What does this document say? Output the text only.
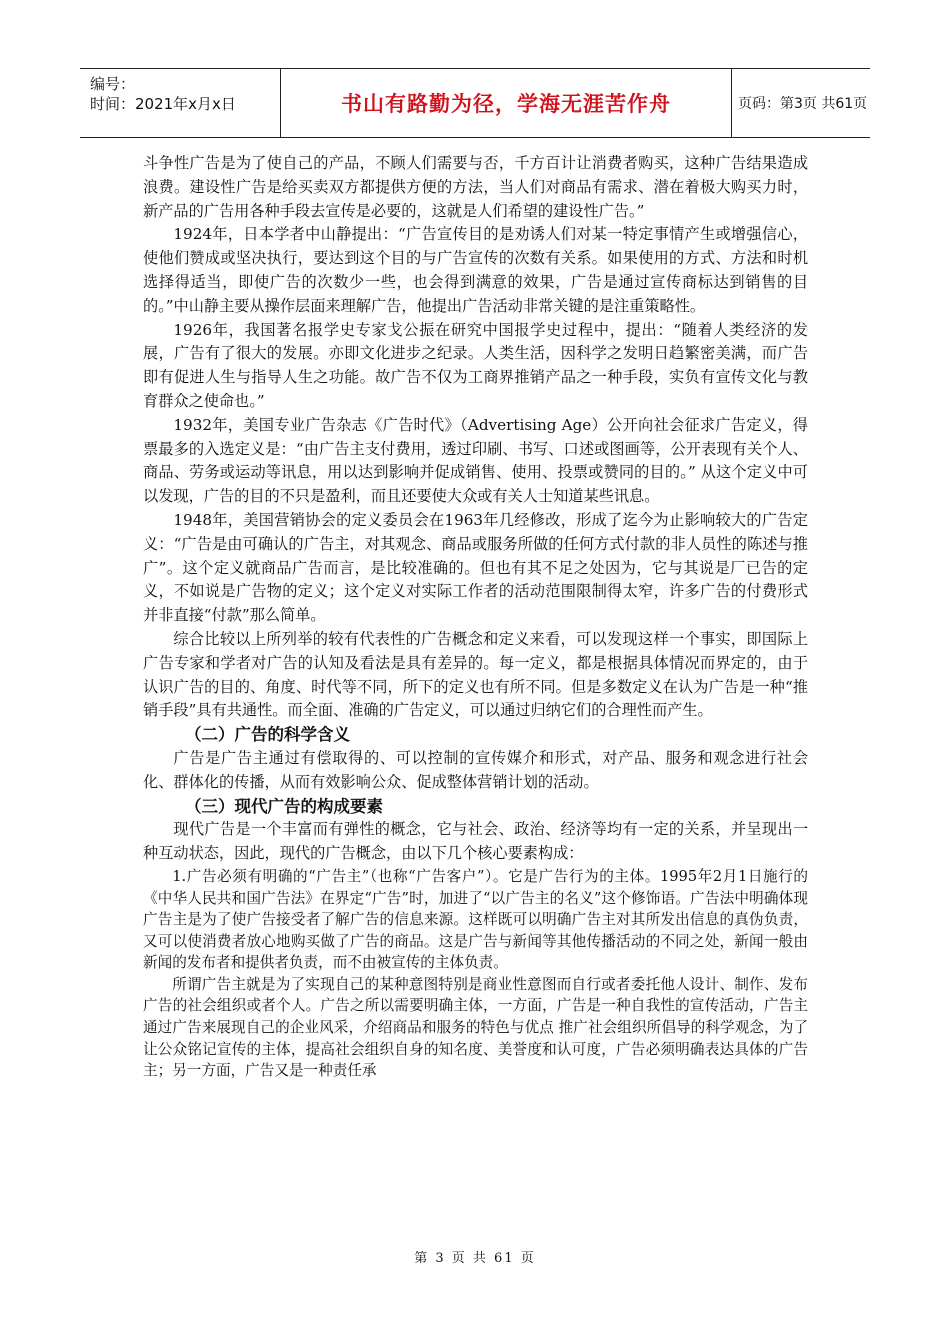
编号：
时间：2021年x月x日	书山有路勤为径，学海无涯苦作舟	页码：第3页 共61页

斗争性广告是为了使自己的产品，不顾人们需要与否，千方百计让消费者购买，这种广告结果造成浪费。建设性广告是给买卖双方都提供方便的方法，当人们对商品有需求、潜在着极大购买力时，新产品的广告用各种手段去宣传是必要的，这就是人们希望的建设性广告。”

1924年，日本学者中山静提出：“广告宣传目的是劝诱人们对某一特定事情产生或增强信心，使他们赞成或坚决执行，要达到这个目的与广告宣传的次数有关系。如果使用的方式、方法和时机选择得适当，即使广告的次数少一些，也会得到满意的效果，广告是通过宣传商标达到销售的目的。”中山静主要从操作层面来理解广告，他提出广告活动非常关键的是注重策略性。

1926年，我国著名报学史专家戈公振在研究中国报学史过程中，提出：“随着人类经济的发展，广告有了很大的发展。亦即文化进步之纪录。人类生活，因科学之发明日趋繁密美满，而广告即有促进人生与指导人生之功能。故广告不仅为工商界推销产品之一种手段，实负有宣传文化与教育群众之使命也。”

1932年，美国专业广告杂志《广告时代》（Advertising Age）公开向社会征求广告定义，得票最多的入选定义是：“由广告主支付费用，透过印刷、书写、口述或图画等，公开表现有关个人、商品、劳务或运动等讯息，用以达到影响并促成销售、使用、投票或赞同的目的。” 从这个定义中可以发现，广告的目的不只是盈利，而且还要使大众或有关人士知道某些讯息。

1948年，美国营销协会的定义委员会在1963年几经修改，形成了迄今为止影响较大的广告定义：“广告是由可确认的广告主，对其观念、商品或服务所做的任何方式付款的非人员性的陈述与推广”。这个定义就商品广告而言，是比较准确的。但也有其不足之处因为，它与其说是厂已告的定义，不如说是广告物的定义；这个定义对实际工作者的活动范围限制得太窄，许多广告的付费形式并非直接“付款”那么简单。

综合比较以上所列举的较有代表性的广告概念和定义来看，可以发现这样一个事实，即国际上广告专家和学者对广告的认知及看法是具有差异的。每一定义，都是根据具体情况而界定的，由于认识广告的目的、角度、时代等不同，所下的定义也有所不同。但是多数定义在认为广告是一种“推销手段”具有共通性。而全面、准确的广告定义，可以通过归纳它们的合理性而产生。

（二）广告的科学含义

广告是广告主通过有偿取得的、可以控制的宣传媒介和形式，对产品、服务和观念进行社会化、群体化的传播，从而有效影响公众、促成整体营销计划的活动。

（三）现代广告的构成要素

现代广告是一个丰富而有弹性的概念，它与社会、政治、经济等均有一定的关系，并呈现出一种互动状态，因此，现代的广告概念，由以下几个核心要素构成：

1.广告必须有明确的“广告主”（也称“广告客户”）。它是广告行为的主体。1995年2月1日施行的《中华人民共和国广告法》在界定“广告”时，加进了“以广告主的名义”这个修饰语。广告法中明确体现广告主是为了使广告接受者了解广告的信息来源。这样既可以明确广告主对其所发出信息的真伪负责，又可以使消费者放心地购买做了广告的商品。这是广告与新闻等其他传播活动的不同之处，新闻一般由新闻的发布者和提供者负责，而不由被宣传的主体负责。

所谓广告主就是为了实现自己的某种意图特别是商业性意图而自行或者委托他人设计、制作、发布广告的社会组织或者个人。广告之所以需要明确主体，一方面，广告是一种自我性的宣传活动，广告主通过广告来展现自己的企业风采，介绍商品和服务的特色与优点 推广社会组织所倡导的科学观念，为了让公众铭记宣传的主体，提高社会组织自身的知名度、美誉度和认可度，广告必须明确表达具体的广告主；另一方面，广告又是一种责任承

第 3 页 共 61 页
